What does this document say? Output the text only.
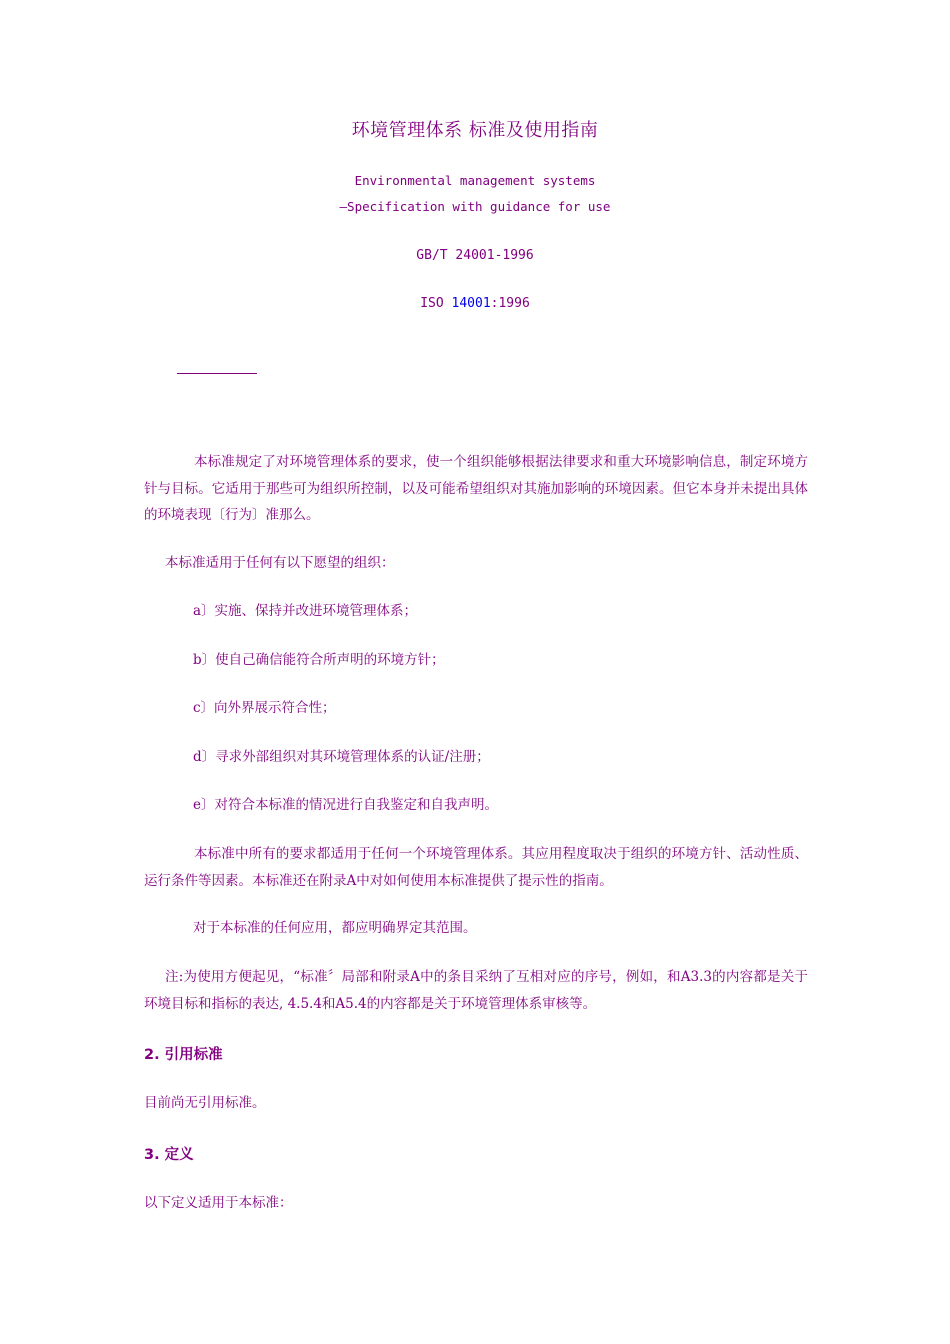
环境管理体系 标准及使用指南
Environmental management systems
—Specification with guidance for use
GB/T 24001-1996
ISO 14001:1996
本标准规定了对环境管理体系的要求，使一个组织能够根据法律要求和重大环境影响信息，制定环境方针与目标。它适用于那些可为组织所控制，以及可能希望组织对其施加影响的环境因素。但它本身并未提出具体的环境表现〔行为〕准那么。
本标准适用于任何有以下愿望的组织：
a〕实施、保持并改进环境管理体系；
b〕使自己确信能符合所声明的环境方针；
c〕向外界展示符合性；
d〕寻求外部组织对其环境管理体系的认证/注册；
e〕对符合本标准的情况进行自我鉴定和自我声明。
本标准中所有的要求都适用于任何一个环境管理体系。其应用程度取决于组织的环境方针、活动性质、运行条件等因素。本标准还在附录A中对如何使用本标准提供了提示性的指南。
对于本标准的任何应用，都应明确界定其范围。
注:为使用方便起见，“标准〞局部和附录A中的条目采纳了互相对应的序号，例如，和A3.3的内容都是关于环境目标和指标的表达, 4.5.4和A5.4的内容都是关于环境管理体系审核等。
2. 引用标准
目前尚无引用标准。
3. 定义
以下定义适用于本标准：
